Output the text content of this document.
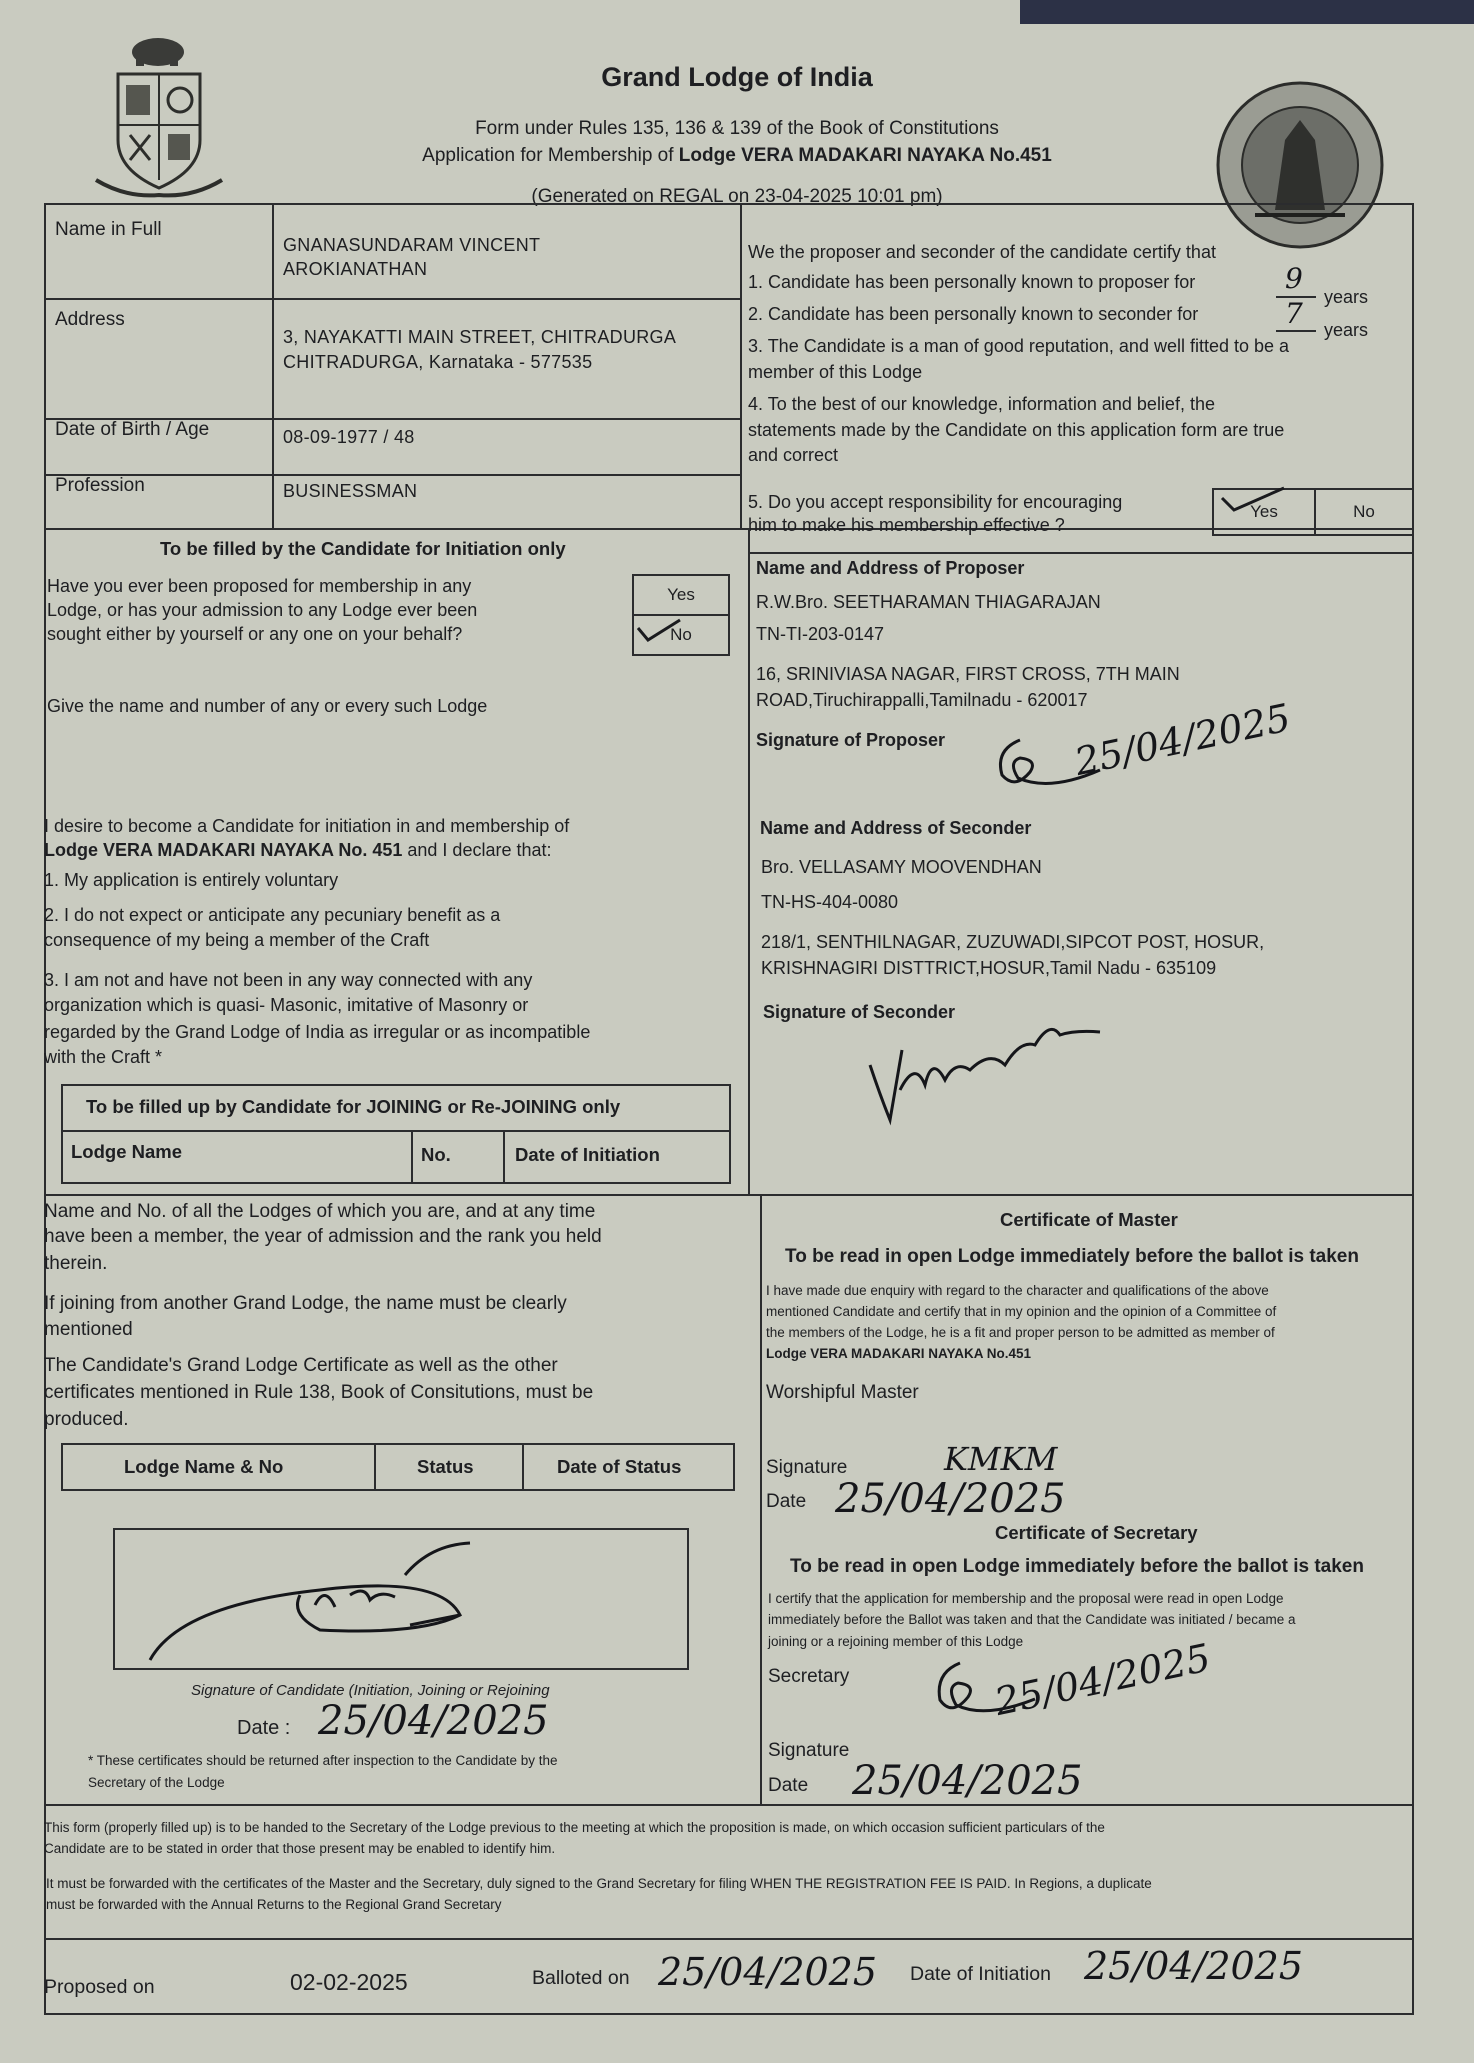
Grand Lodge of India
Form under Rules 135, 136 & 139 of the Book of Constitutions
Application for Membership of Lodge VERA MADAKARI NAYAKA No.451
(Generated on REGAL on 23-04-2025 10:01 pm)
Name in Full
GNANASUNDARAM VINCENT
AROKIANATHAN
Address
3, NAYAKATTI MAIN STREET, CHITRADURGA
CHITRADURGA, Karnataka - 577535
Date of Birth / Age	08-09-1977 / 48
Profession	BUSINESSMAN
We the proposer and seconder of the candidate certify that
1. Candidate has been personally known to proposer for	9
years
2. Candidate has been personally known to seconder for	7 years
3. The Candidate is a man of good reputation, and well fitted to be a
member of this Lodge
4. To the best of our knowledge, information and belief, the
statements made by the Candidate on this application form are true
and correct
5. Do you accept responsibility for encouraging
him to make his membership effective ?
Yes	No
To be filled by the Candidate for Initiation only
Have you ever been proposed for membership in any
Lodge, or has your admission to any Lodge ever been
sought either by yourself or any one on your behalf?
Yes
No
Give the name and number of any or every such Lodge
I desire to become a Candidate for initiation in and membership of
Lodge VERA MADAKARI NAYAKA No. 451 and I declare that:
1. My application is entirely voluntary
2. I do not expect or anticipate any pecuniary benefit as a
consequence of my being a member of the Craft
3. I am not and have not been in any way connected with any
organization which is quasi- Masonic, imitative of Masonry or
regarded by the Grand Lodge of India as irregular or as incompatible
with the Craft *
To be filled up by Candidate for JOINING or Re-JOINING only
Lodge Name	No.	Date of Initiation
Name and Address of Proposer
R.W.Bro. SEETHARAMAN THIAGARAJAN
TN-TI-203-0147
16, SRINIVIASA NAGAR, FIRST CROSS, 7TH MAIN
ROAD,Tiruchirappalli,Tamilnadu - 620017
Signature of Proposer	25/04/2025
Name and Address of Seconder
Bro. VELLASAMY MOOVENDHAN
TN-HS-404-0080
218/1, SENTHILNAGAR, ZUZUWADI,SIPCOT POST, HOSUR,
KRISHNAGIRI DISTTRICT,HOSUR,Tamil Nadu - 635109
Signature of Seconder
Name and No. of all the Lodges of which you are, and at any time
have been a member, the year of admission and the rank you held
therein.
If joining from another Grand Lodge, the name must be clearly
mentioned
The Candidate's Grand Lodge Certificate as well as the other
certificates mentioned in Rule 138, Book of Consitutions, must be
produced.
Lodge Name & No	Status	Date of Status
Signature of Candidate (Initiation, Joining or Rejoining
Date : 25/04/2025
* These certificates should be returned after inspection to the Candidate by the
Secretary of the Lodge
Certificate of Master
To be read in open Lodge immediately before the ballot is taken
I have made due enquiry with regard to the character and qualifications of the above
mentioned Candidate and certify that in my opinion and the opinion of a Committee of
the members of the Lodge, he is a fit and proper person to be admitted as member of
Lodge VERA MADAKARI NAYAKA No.451
Worshipful Master
Signature	KMKM
Date 25/04/2025
Certificate of Secretary
To be read in open Lodge immediately before the ballot is taken
I certify that the application for membership and the proposal were read in open Lodge
immediately before the Ballot was taken and that the Candidate was initiated / became a
joining or a rejoining member of this Lodge
Secretary	25/04/2025
Signature
Date 25/04/2025
This form (properly filled up) is to be handed to the Secretary of the Lodge previous to the meeting at which the proposition is made, on which occasion sufficient particulars of the
Candidate are to be stated in order that those present may be enabled to identify him.
It must be forwarded with the certificates of the Master and the Secretary, duly signed to the Grand Secretary for filing WHEN THE REGISTRATION FEE IS PAID. In Regions, a duplicate
must be forwarded with the Annual Returns to the Regional Grand Secretary
Proposed on	02-02-2025	Balloted on 25/04/2025 Date of Initiation 25/04/2025
